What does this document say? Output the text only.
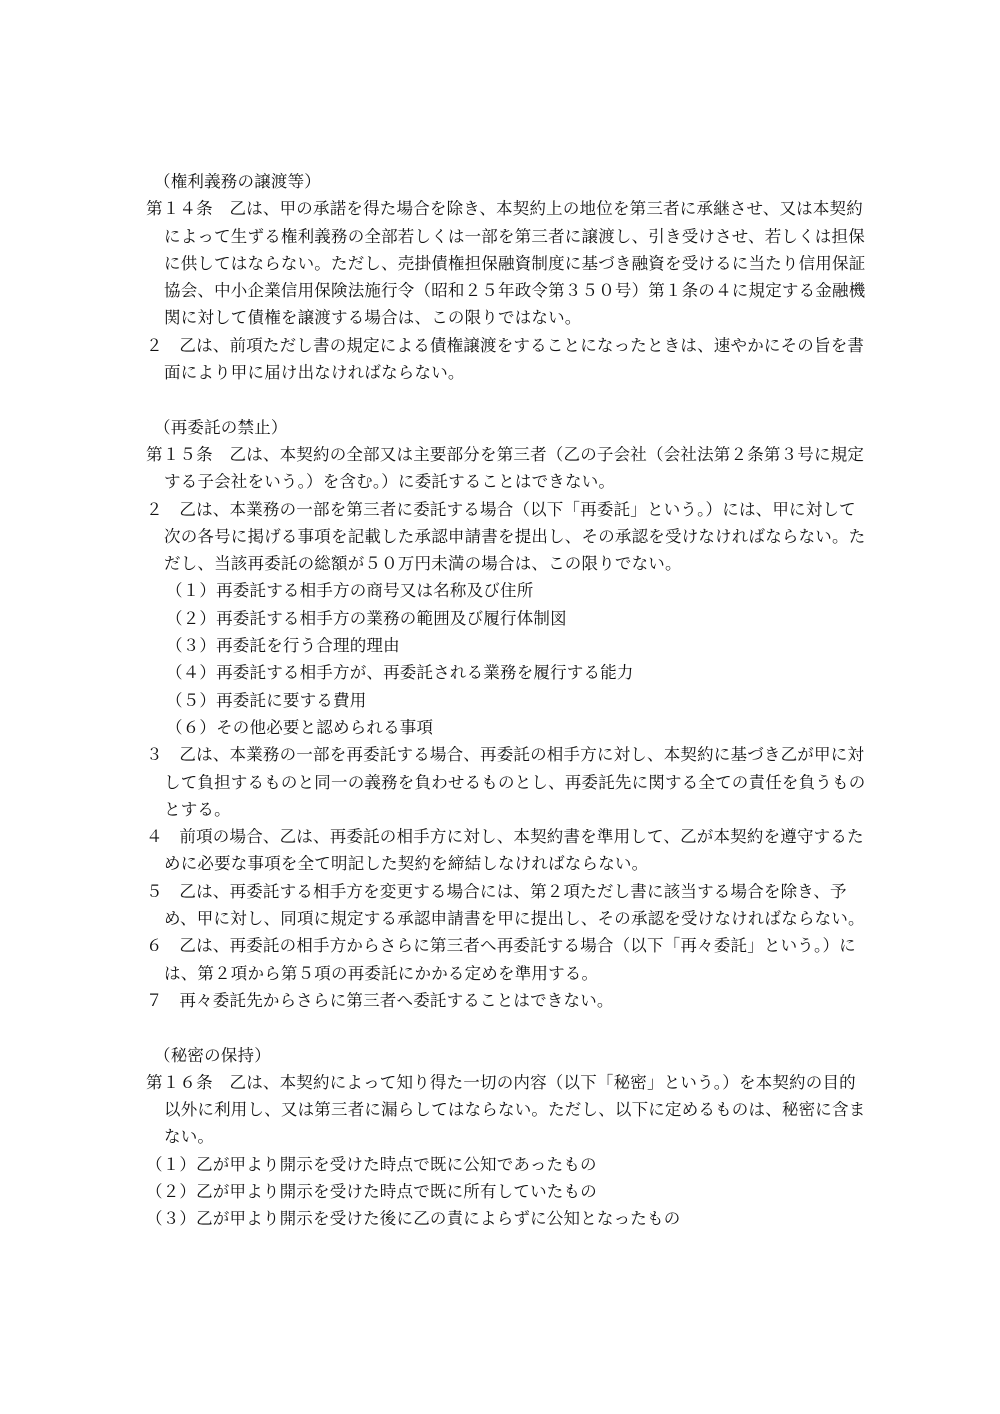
（権利義務の譲渡等）

第１４条　乙は、甲の承諾を得た場合を除き、本契約上の地位を第三者に承継させ、又は本契約によって生ずる権利義務の全部若しくは一部を第三者に譲渡し、引き受けさせ、若しくは担保に供してはならない。ただし、売掛債権担保融資制度に基づき融資を受けるに当たり信用保証協会、中小企業信用保険法施行令（昭和２５年政令第３５０号）第１条の４に規定する金融機関に対して債権を譲渡する場合は、この限りではない。

２　乙は、前項ただし書の規定による債権譲渡をすることになったときは、速やかにその旨を書面により甲に届け出なければならない。

（再委託の禁止）

第１５条　乙は、本契約の全部又は主要部分を第三者（乙の子会社（会社法第２条第３号に規定する子会社をいう。）を含む。）に委託することはできない。

２　乙は、本業務の一部を第三者に委託する場合（以下「再委託」という。）には、甲に対して次の各号に掲げる事項を記載した承認申請書を提出し、その承認を受けなければならない。ただし、当該再委託の総額が５０万円未満の場合は、この限りでない。

（１）再委託する相手方の商号又は名称及び住所

（２）再委託する相手方の業務の範囲及び履行体制図

（３）再委託を行う合理的理由

（４）再委託する相手方が、再委託される業務を履行する能力

（５）再委託に要する費用

（６）その他必要と認められる事項

３　乙は、本業務の一部を再委託する場合、再委託の相手方に対し、本契約に基づき乙が甲に対して負担するものと同一の義務を負わせるものとし、再委託先に関する全ての責任を負うものとする。

４　前項の場合、乙は、再委託の相手方に対し、本契約書を準用して、乙が本契約を遵守するために必要な事項を全て明記した契約を締結しなければならない。

５　乙は、再委託する相手方を変更する場合には、第２項ただし書に該当する場合を除き、予め、甲に対し、同項に規定する承認申請書を甲に提出し、その承認を受けなければならない。

６　乙は、再委託の相手方からさらに第三者へ再委託する場合（以下「再々委託」という。）には、第２項から第５項の再委託にかかる定めを準用する。

７　再々委託先からさらに第三者へ委託することはできない。

（秘密の保持）

第１６条　乙は、本契約によって知り得た一切の内容（以下「秘密」という。）を本契約の目的以外に利用し、又は第三者に漏らしてはならない。ただし、以下に定めるものは、秘密に含まない。

（１）乙が甲より開示を受けた時点で既に公知であったもの

（２）乙が甲より開示を受けた時点で既に所有していたもの

（３）乙が甲より開示を受けた後に乙の責によらずに公知となったもの
